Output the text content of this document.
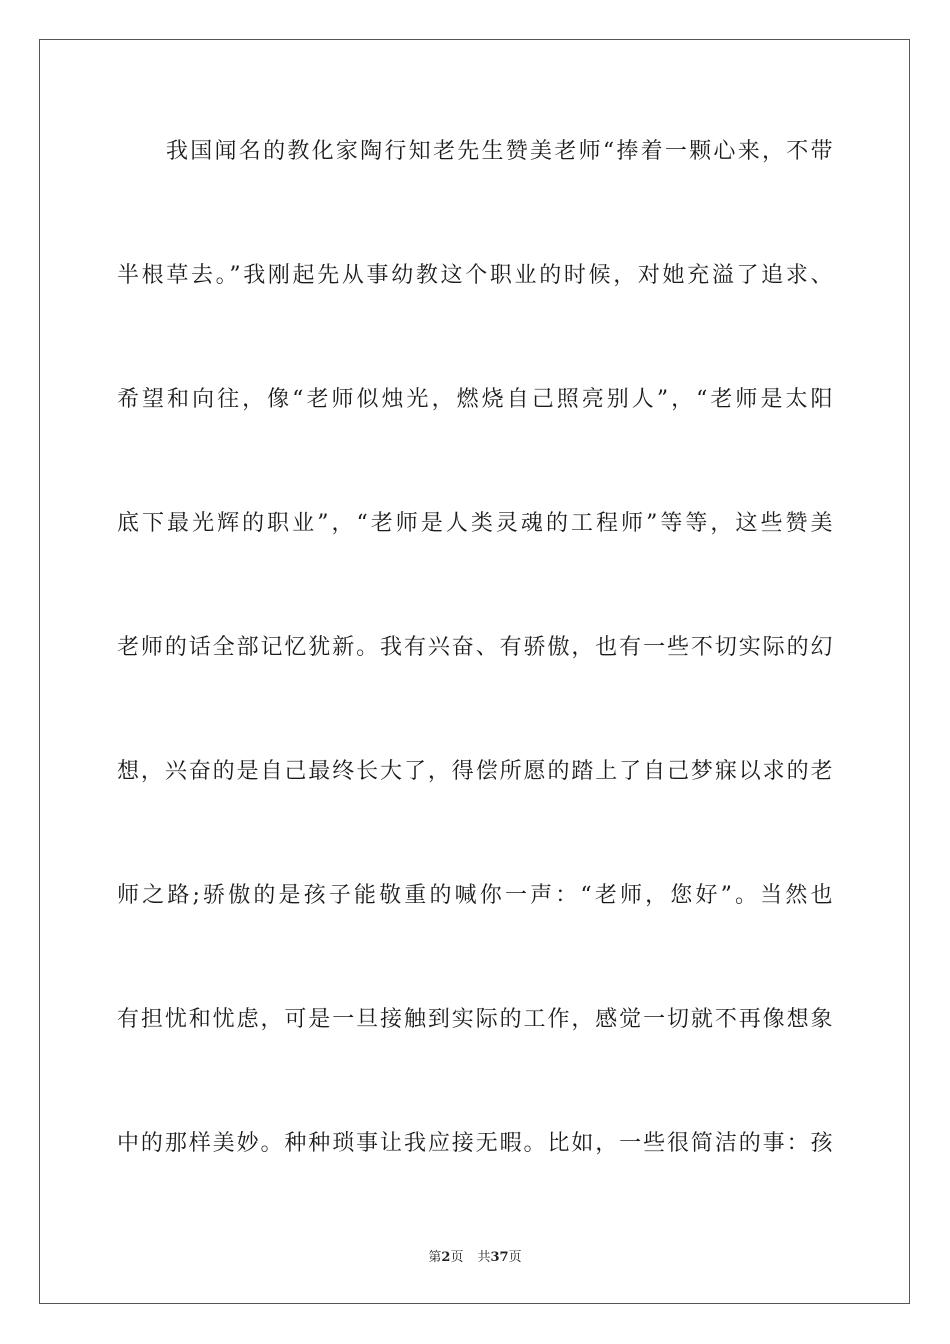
我国闻名的教化家陶行知老先生赞美老师“捧着一颗心来，不带
半根草去。”我刚起先从事幼教这个职业的时候，对她充溢了追求、
希望和向往，像“老师似烛光，燃烧自己照亮别人”，“老师是太阳
底下最光辉的职业”，“老师是人类灵魂的工程师”等等，这些赞美
老师的话全部记忆犹新。我有兴奋、有骄傲，也有一些不切实际的幻
想，兴奋的是自己最终长大了，得偿所愿的踏上了自己梦寐以求的老
师之路;骄傲的是孩子能敬重的喊你一声：“老师，您好”。当然也
有担忧和忧虑，可是一旦接触到实际的工作，感觉一切就不再像想象
中的那样美妙。种种琐事让我应接无暇。比如，一些很简洁的事：孩
第2页 共37页
